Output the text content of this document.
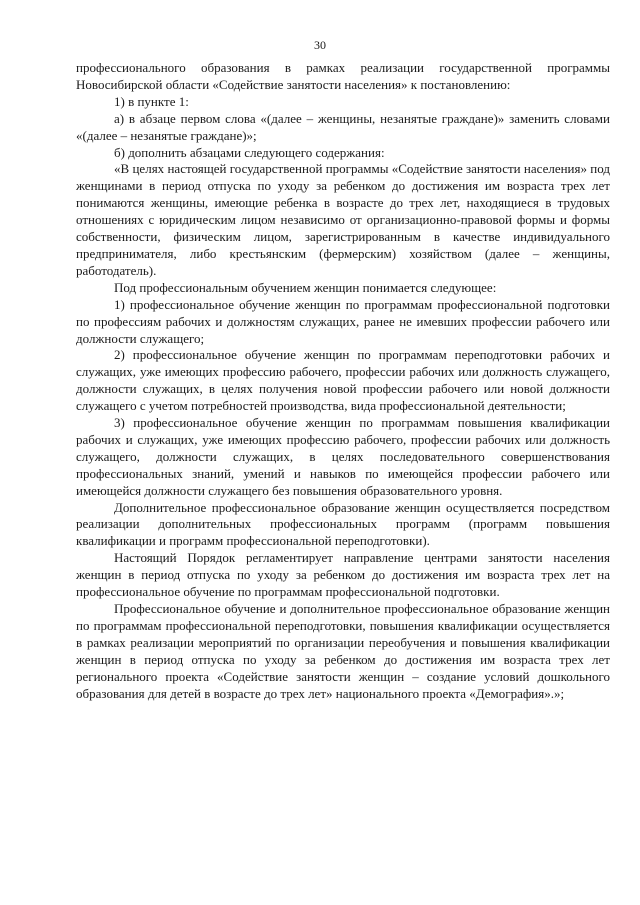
30

профессионального образования в рамках реализации государственной программы Новосибирской области «Содействие занятости населения» к постановлению:

1) в пункте 1:

а) в абзаце первом слова «(далее – женщины, незанятые граждане)» заменить словами «(далее – незанятые граждане)»;

б) дополнить абзацами следующего содержания:

«В целях настоящей государственной программы «Содействие занятости населения» под женщинами в период отпуска по уходу за ребенком до достижения им возраста трех лет понимаются женщины, имеющие ребенка в возрасте до трех лет, находящиеся в трудовых отношениях с юридическим лицом независимо от организационно-правовой формы и формы собственности, физическим лицом, зарегистрированным в качестве индивидуального предпринимателя, либо крестьянским (фермерским) хозяйством (далее – женщины, работодатель).

Под профессиональным обучением женщин понимается следующее:

1) профессиональное обучение женщин по программам профессиональной подготовки по профессиям рабочих и должностям служащих, ранее не имевших профессии рабочего или должности служащего;

2) профессиональное обучение женщин по программам переподготовки рабочих и служащих, уже имеющих профессию рабочего, профессии рабочих или должность служащего, должности служащих, в целях получения новой профессии рабочего или новой должности служащего с учетом потребностей производства, вида профессиональной деятельности;

3) профессиональное обучение женщин по программам повышения квалификации рабочих и служащих, уже имеющих профессию рабочего, профессии рабочих или должность служащего, должности служащих, в целях последовательного совершенствования профессиональных знаний, умений и навыков по имеющейся профессии рабочего или имеющейся должности служащего без повышения образовательного уровня.

Дополнительное профессиональное образование женщин осуществляется посредством реализации дополнительных профессиональных программ (программ повышения квалификации и программ профессиональной переподготовки).

Настоящий Порядок регламентирует направление центрами занятости населения женщин в период отпуска по уходу за ребенком до достижения им возраста трех лет на профессиональное обучение по программам профессиональной подготовки.

Профессиональное обучение и дополнительное профессиональное образование женщин по программам профессиональной переподготовки, повышения квалификации осуществляется в рамках реализации мероприятий по организации переобучения и повышения квалификации женщин в период отпуска по уходу за ребенком до достижения им возраста трех лет регионального проекта «Содействие занятости женщин – создание условий дошкольного образования для детей в возрасте до трех лет» национального проекта «Демография».»;
